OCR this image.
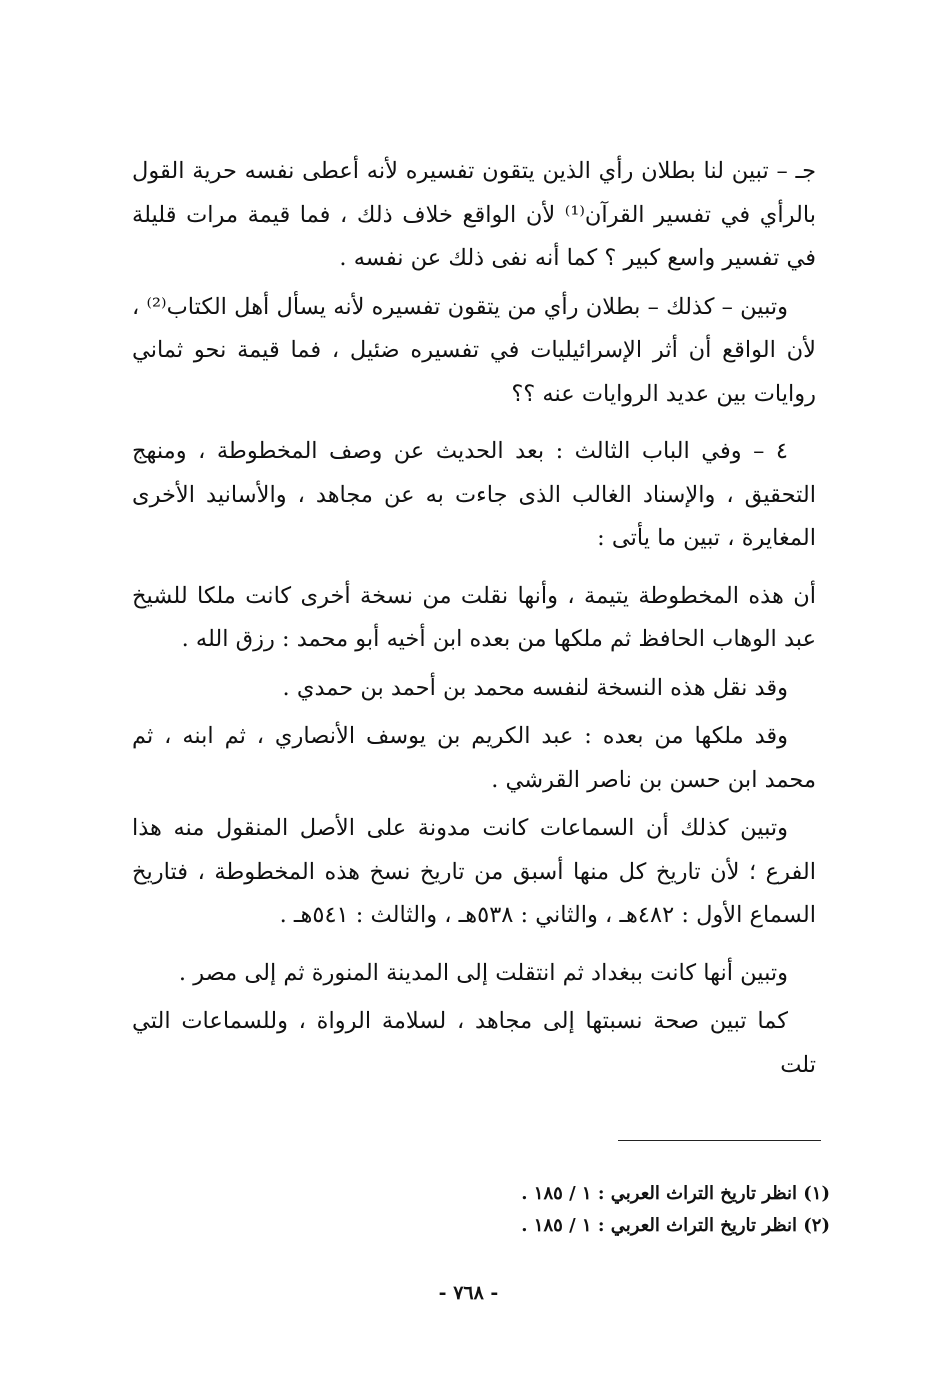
جـ – تبين لنا بطلان رأي الذين يتقون تفسيره لأنه أعطى نفسه حرية القول بالرأي في تفسير القرآن⁽¹⁾ لأن الواقع خلاف ذلك ، فما قيمة مرات قليلة في تفسير واسع كبير ؟ كما أنه نفى ذلك عن نفسه .

وتبين – كذلك – بطلان رأي من يتقون تفسيره لأنه يسأل أهل الكتاب⁽²⁾ ، لأن الواقع أن أثر الإسرائيليات في تفسيره ضئيل ، فما قيمة نحو ثماني روايات بين عديد الروايات عنه ؟؟

٤ – وفي الباب الثالث : بعد الحديث عن وصف المخطوطة ، ومنهج التحقيق ، والإسناد الغالب الذى جاءت به عن مجاهد ، والأسانيد الأخرى المغايرة ، تبين ما يأتى :

أن هذه المخطوطة يتيمة ، وأنها نقلت من نسخة أخرى كانت ملكا للشيخ عبد الوهاب الحافظ ثم ملكها من بعده ابن أخيه أبو محمد : رزق الله .

وقد نقل هذه النسخة لنفسه محمد بن أحمد بن حمدي .

وقد ملكها من بعده : عبد الكريم بن يوسف الأنصاري ، ثم ابنه ، ثم محمد ابن حسن بن ناصر القرشي .

وتبين كذلك أن السماعات كانت مدونة على الأصل المنقول منه هذا الفرع ؛ لأن تاريخ كل منها أسبق من تاريخ نسخ هذه المخطوطة ، فتاريخ السماع الأول : ٤٨٢هـ ، والثاني : ٥٣٨هـ ، والثالث : ٥٤١هـ .

وتبين أنها كانت ببغداد ثم انتقلت إلى المدينة المنورة ثم إلى مصر .

كما تبين صحة نسبتها إلى مجاهد ، لسلامة الرواة ، وللسماعات التي تلت

(١) انظر تاريخ التراث العربي : ١ / ١٨٥ .

(٢) انظر تاريخ التراث العربي : ١ / ١٨٥ .

- ٧٦٨ -
